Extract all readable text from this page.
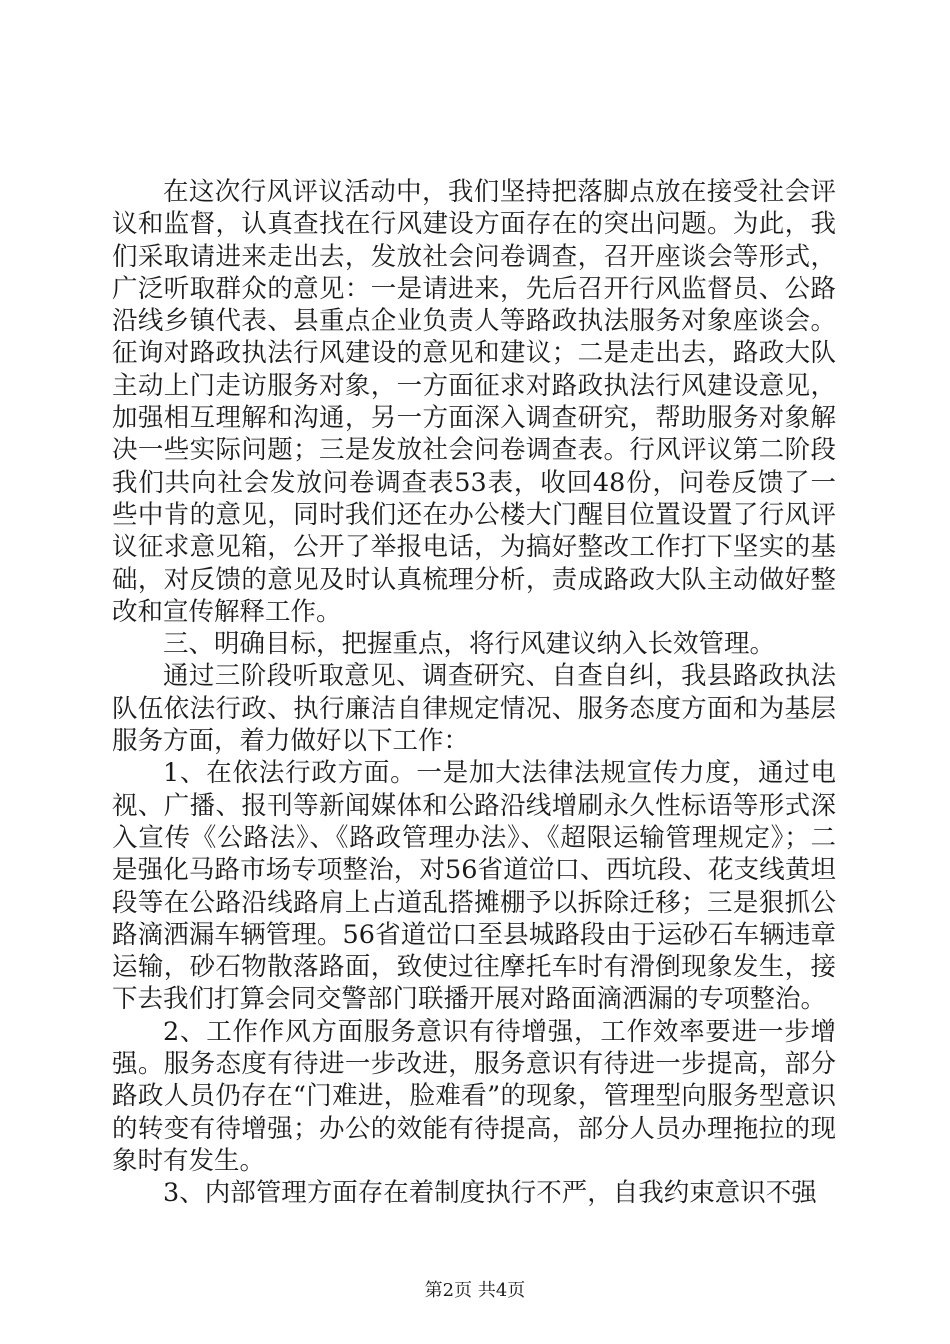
在这次行风评议活动中，我们坚持把落脚点放在接受社会评议和监督，认真查找在行风建设方面存在的突出问题。为此，我们采取请进来走出去，发放社会问卷调查，召开座谈会等形式，广泛听取群众的意见：一是请进来，先后召开行风监督员、公路沿线乡镇代表、县重点企业负责人等路政执法服务对象座谈会。征询对路政执法行风建设的意见和建议；二是走出去，路政大队主动上门走访服务对象，一方面征求对路政执法行风建设意见，加强相互理解和沟通，另一方面深入调查研究，帮助服务对象解决一些实际问题；三是发放社会问卷调查表。行风评议第二阶段我们共向社会发放问卷调查表53表，收回48份，问卷反馈了一些中肯的意见，同时我们还在办公楼大门醒目位置设置了行风评议征求意见箱，公开了举报电话，为搞好整改工作打下坚实的基础，对反馈的意见及时认真梳理分析，责成路政大队主动做好整改和宣传解释工作。

三、明确目标，把握重点，将行风建议纳入长效管理。

通过三阶段听取意见、调查研究、自查自纠，我县路政执法队伍依法行政、执行廉洁自律规定情况、服务态度方面和为基层服务方面，着力做好以下工作：

1、在依法行政方面。一是加大法律法规宣传力度，通过电视、广播、报刊等新闻媒体和公路沿线增刷永久性标语等形式深入宣传《公路法》、《路政管理办法》、《超限运输管理规定》；二是强化马路市场专项整治，对56省道峃口、西坑段、花支线黄坦段等在公路沿线路肩上占道乱搭摊棚予以拆除迁移；三是狠抓公路滴洒漏车辆管理。56省道峃口至县城路段由于运砂石车辆违章运输，砂石物散落路面，致使过往摩托车时有滑倒现象发生，接下去我们打算会同交警部门联播开展对路面滴洒漏的专项整治。

2、工作作风方面服务意识有待增强，工作效率要进一步增强。服务态度有待进一步改进，服务意识有待进一步提高，部分路政人员仍存在“门难进，脸难看”的现象，管理型向服务型意识的转变有待增强；办公的效能有待提高，部分人员办理拖拉的现象时有发生。

3、内部管理方面存在着制度执行不严，自我约束意识不强

第2页 共4页
